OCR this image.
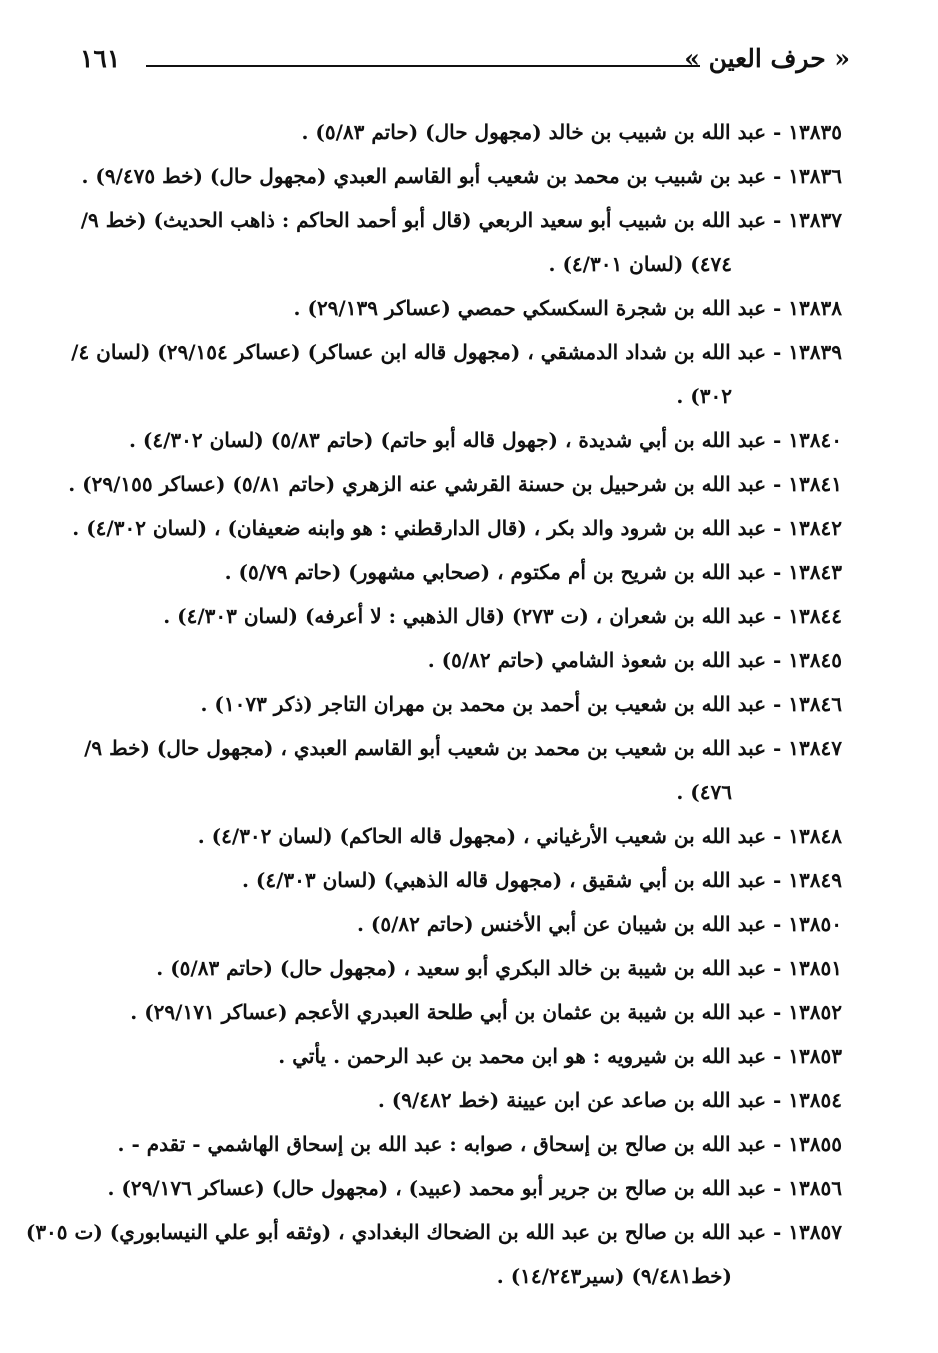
« حرف العين »
١٦١
١٣٨٣٥ - عبد الله بن شبيب بن خالد (مجهول حال) (حاتم ٥/٨٣) .
١٣٨٣٦ - عبد بن شبيب بن محمد بن شعيب أبو القاسم العبدي (مجهول حال) (خط ٩/٤٧٥) .
١٣٨٣٧ - عبد الله بن شبيب أبو سعيد الربعي (قال أبو أحمد الحاكم : ذاهب الحديث) (خط ٩/
٤٧٤) (لسان ٤/٣٠١) .
١٣٨٣٨ - عبد الله بن شجرة السكسكي حمصي (عساكر ٢٩/١٣٩) .
١٣٨٣٩ - عبد الله بن شداد الدمشقي ، (مجهول قاله ابن عساكر) (عساكر ٢٩/١٥٤) (لسان ٤/
٣٠٢) .
١٣٨٤٠ - عبد الله بن أبي شديدة ، (جهول قاله أبو حاتم) (حاتم ٥/٨٣) (لسان ٤/٣٠٢) .
١٣٨٤١ - عبد الله بن شرحبيل بن حسنة القرشي عنه الزهري (حاتم ٥/٨١) (عساكر ٢٩/١٥٥) .
١٣٨٤٢ - عبد الله بن شرود والد بكر ، (قال الدارقطني : هو وابنه ضعيفان) ، (لسان ٤/٣٠٢) .
١٣٨٤٣ - عبد الله بن شريح بن أم مكتوم ، (صحابي مشهور) (حاتم ٥/٧٩) .
١٣٨٤٤ - عبد الله بن شعران ، (ت ٢٧٣) (قال الذهبي : لا أعرفه) (لسان ٤/٣٠٣) .
١٣٨٤٥ - عبد الله بن شعوذ الشامي (حاتم ٥/٨٢) .
١٣٨٤٦ - عبد الله بن شعيب بن أحمد بن محمد بن مهران التاجر (ذكر ١٠٧٣) .
١٣٨٤٧ - عبد الله بن شعيب بن محمد بن شعيب أبو القاسم العبدي ، (مجهول حال) (خط ٩/
٤٧٦) .
١٣٨٤٨ - عبد الله بن شعيب الأرغياني ، (مجهول قاله الحاكم) (لسان ٤/٣٠٢) .
١٣٨٤٩ - عبد الله بن أبي شقيق ، (مجهول قاله الذهبي) (لسان ٤/٣٠٣) .
١٣٨٥٠ - عبد الله بن شيبان عن أبي الأخنس (حاتم ٥/٨٢) .
١٣٨٥١ - عبد الله بن شيبة بن خالد البكري أبو سعيد ، (مجهول حال) (حاتم ٥/٨٣) .
١٣٨٥٢ - عبد الله بن شيبة بن عثمان بن أبي طلحة العبدري الأعجم (عساكر ٢٩/١٧١) .
١٣٨٥٣ - عبد الله بن شيرويه : هو ابن محمد بن عبد الرحمن . يأتي .
١٣٨٥٤ - عبد الله بن صاعد عن ابن عيينة (خط ٩/٤٨٢) .
١٣٨٥٥ - عبد الله بن صالح بن إسحاق ، صوابه : عبد الله بن إسحاق الهاشمي - تقدم - .
١٣٨٥٦ - عبد الله بن صالح بن جرير أبو محمد (عبيد) ، (مجهول حال) (عساكر ٢٩/١٧٦) .
١٣٨٥٧ - عبد الله بن صالح بن عبد الله بن الضحاك البغدادي ، (وثقه أبو علي النيسابوري) (ت ٣٠٥)
(خط٩/٤٨١) (سير١٤/٢٤٣) .
